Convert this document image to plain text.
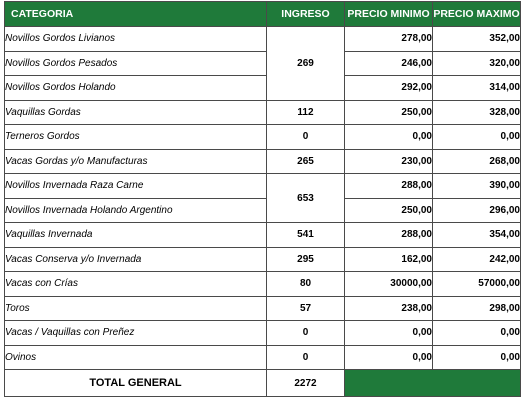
CATEGORIA	INGRESO	PRECIO MINIMO	PRECIO MAXIMO
Novillos Gordos Livianos	269	278,00	352,00
Novillos Gordos Pesados		246,00	320,00
Novillos Gordos Holando		292,00	314,00
Vaquillas Gordas	112	250,00	328,00
Terneros Gordos	0	0,00	0,00
Vacas Gordas y/o Manufacturas	265	230,00	268,00
Novillos Invernada Raza Carne	653	288,00	390,00
Novillos Invernada Holando Argentino		250,00	296,00
Vaquillas Invernada	541	288,00	354,00
Vacas Conserva y/o Invernada	295	162,00	242,00
Vacas con Crías	80	30000,00	57000,00
Toros	57	238,00	298,00
Vacas / Vaquillas con Preñez	0	0,00	0,00
Ovinos	0	0,00	0,00
TOTAL GENERAL	2272		
